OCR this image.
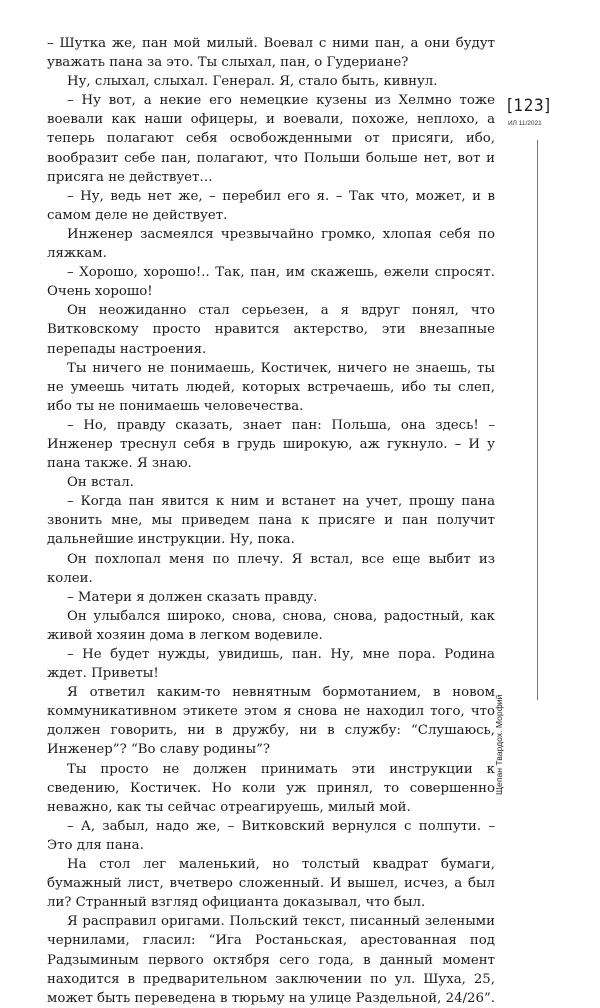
– Шутка же, пан мой милый. Воевал с ними пан, а они будут уважать пана за это. Ты слыхал, пан, о Гудериане?

Ну, слыхал, слыхал. Генерал. Я, стало быть, кивнул.

– Ну вот, а некие его немецкие кузены из Хелмно тоже воевали как наши офицеры, и воевали, похоже, неплохо, а теперь полагают себя освобожденными от присяги, ибо, вообразит себе пан, полагают, что Польши больше нет, вот и присяга не действует…

– Ну, ведь нет же, – перебил его я. – Так что, может, и в самом деле не действует.

Инженер засмеялся чрезвычайно громко, хлопая себя по ляжкам.

– Хорошо, хорошо!.. Так, пан, им скажешь, ежели спросят. Очень хорошо!

Он неожиданно стал серьезен, а я вдруг понял, что Витковскому просто нравится актерство, эти внезапные перепады настроения.

Ты ничего не понимаешь, Костичек, ничего не знаешь, ты не умеешь читать людей, которых встречаешь, ибо ты слеп, ибо ты не понимаешь человечества.

– Но, правду сказать, знает пан: Польша, она здесь! – Инженер треснул себя в грудь широкую, аж гукнуло. – И у пана также. Я знаю.

Он встал.

– Когда пан явится к ним и встанет на учет, прошу пана звонить мне, мы приведем пана к присяге и пан получит дальнейшие инструкции. Ну, пока.

Он похлопал меня по плечу. Я встал, все еще выбит из колеи.

– Матери я должен сказать правду.

Он улыбался широко, снова, снова, снова, радостный, как живой хозяин дома в легком водевиле.

– Не будет нужды, увидишь, пан. Ну, мне пора. Родина ждет. Приветы!

Я ответил каким-то невнятным бормотанием, в новом коммуникативном этикете этом я снова не находил того, что должен говорить, ни в дружбу, ни в службу: “Слушаюсь, Инженер”? “Во славу родины”?

Ты просто не должен принимать эти инструкции к сведению, Костичек. Но коли уж принял, то совершенно неважно, как ты сейчас отреагируешь, милый мой.

– А, забыл, надо же, – Витковский вернулся с полпути. – Это для пана.

На стол лег маленький, но толстый квадрат бумаги, бумажный лист, вчетверо сложенный. И вышел, исчез, а был ли? Странный взгляд официанта доказывал, что был.

Я расправил оригами. Польский текст, писанный зелеными чернилами, гласил: “Ига Ростаньская, арестованная под Радзыминым первого октября сего года, в данный момент находится в предварительном заключении по ул. Шуха, 25, может быть переведена в тюрьму на улице Раздельной, 24/26”.

[123]
ИЛ 11/2021
Щепан Твардох. Морфий
